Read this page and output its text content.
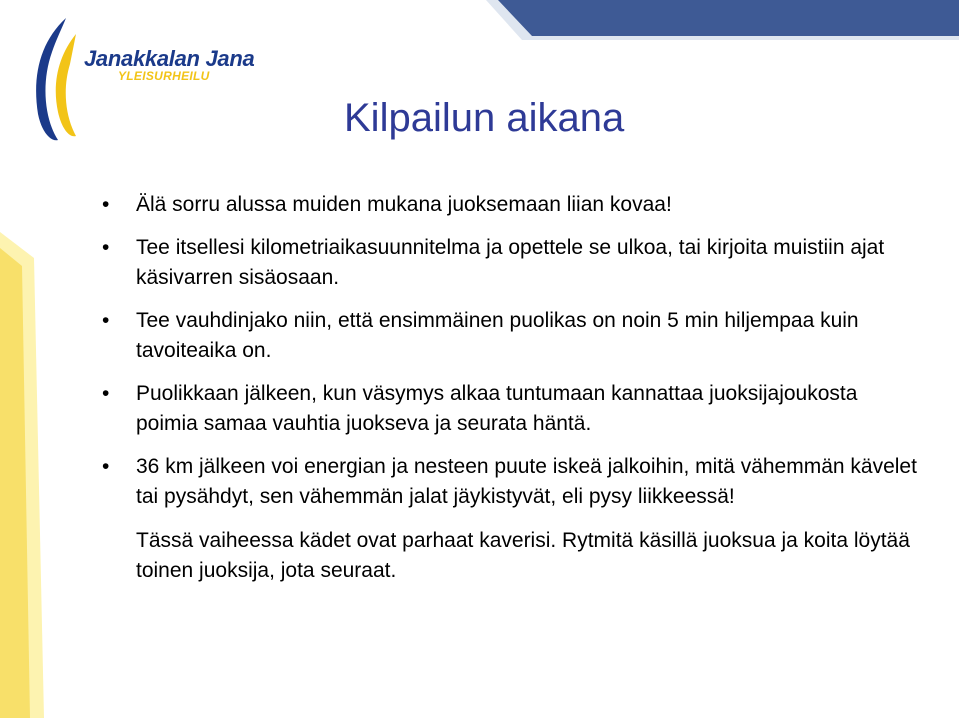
Janakkalan Jana
YLEISURHEILU
Kilpailun aikana

•	Älä sorru alussa muiden mukana juoksemaan liian kovaa!

•	Tee itsellesi kilometriaikasuunnitelma ja opettele se ulkoa, tai kirjoita muistiin ajat käsivarren sisäosaan.

•	Tee vauhdinjako niin, että ensimmäinen puolikas on noin 5 min hiljempaa kuin tavoiteaika on.

•	Puolikkaan jälkeen, kun väsymys alkaa tuntumaan kannattaa juoksijajoukosta poimia samaa vauhtia juokseva ja seurata häntä.

•	36 km jälkeen voi energian ja nesteen puute iskeä jalkoihin, mitä vähemmän kävelet tai pysähdyt, sen vähemmän jalat jäykistyvät, eli pysy liikkeessä!

Tässä vaiheessa kädet ovat parhaat kaverisi. Rytmitä käsillä juoksua ja koita löytää toinen juoksija, jota seuraat.
